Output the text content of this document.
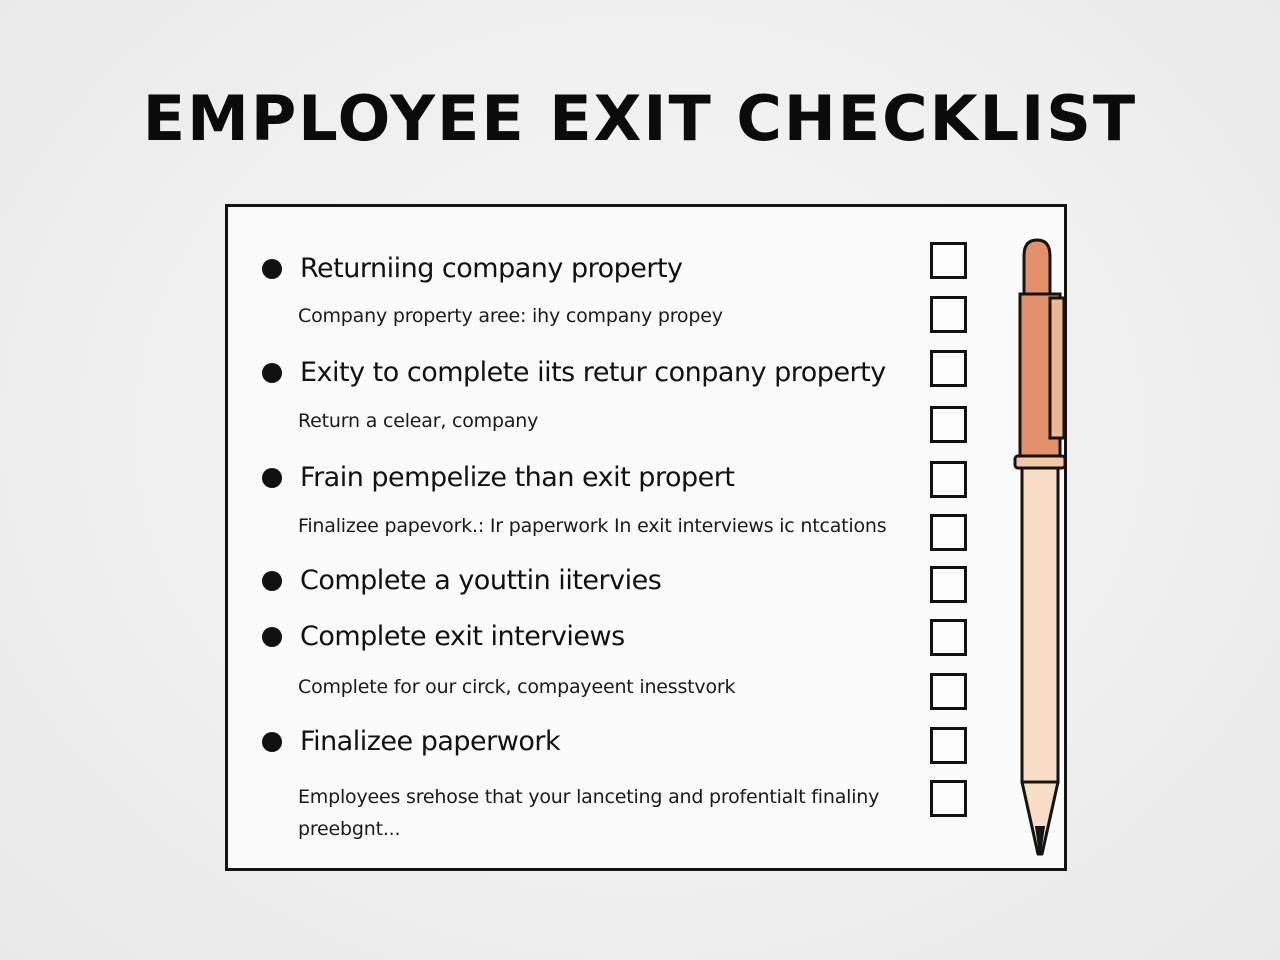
EMPLOYEE EXIT CHECKLIST
Returniing company property
Company property aree: ihy company propey
Exity to complete iits retur conpany property
Return a celear, company
Frain pempelize than exit propert
Finalizee papevork.: Ir paperwork In exit interviews ic ntcations
Complete a youttin iitervies
Complete exit interviews
Complete for our circk, compayeent inesstvork
Finalizee paperwork
Employees srehose that your lanceting and profentialt finaliny preebgnt...
